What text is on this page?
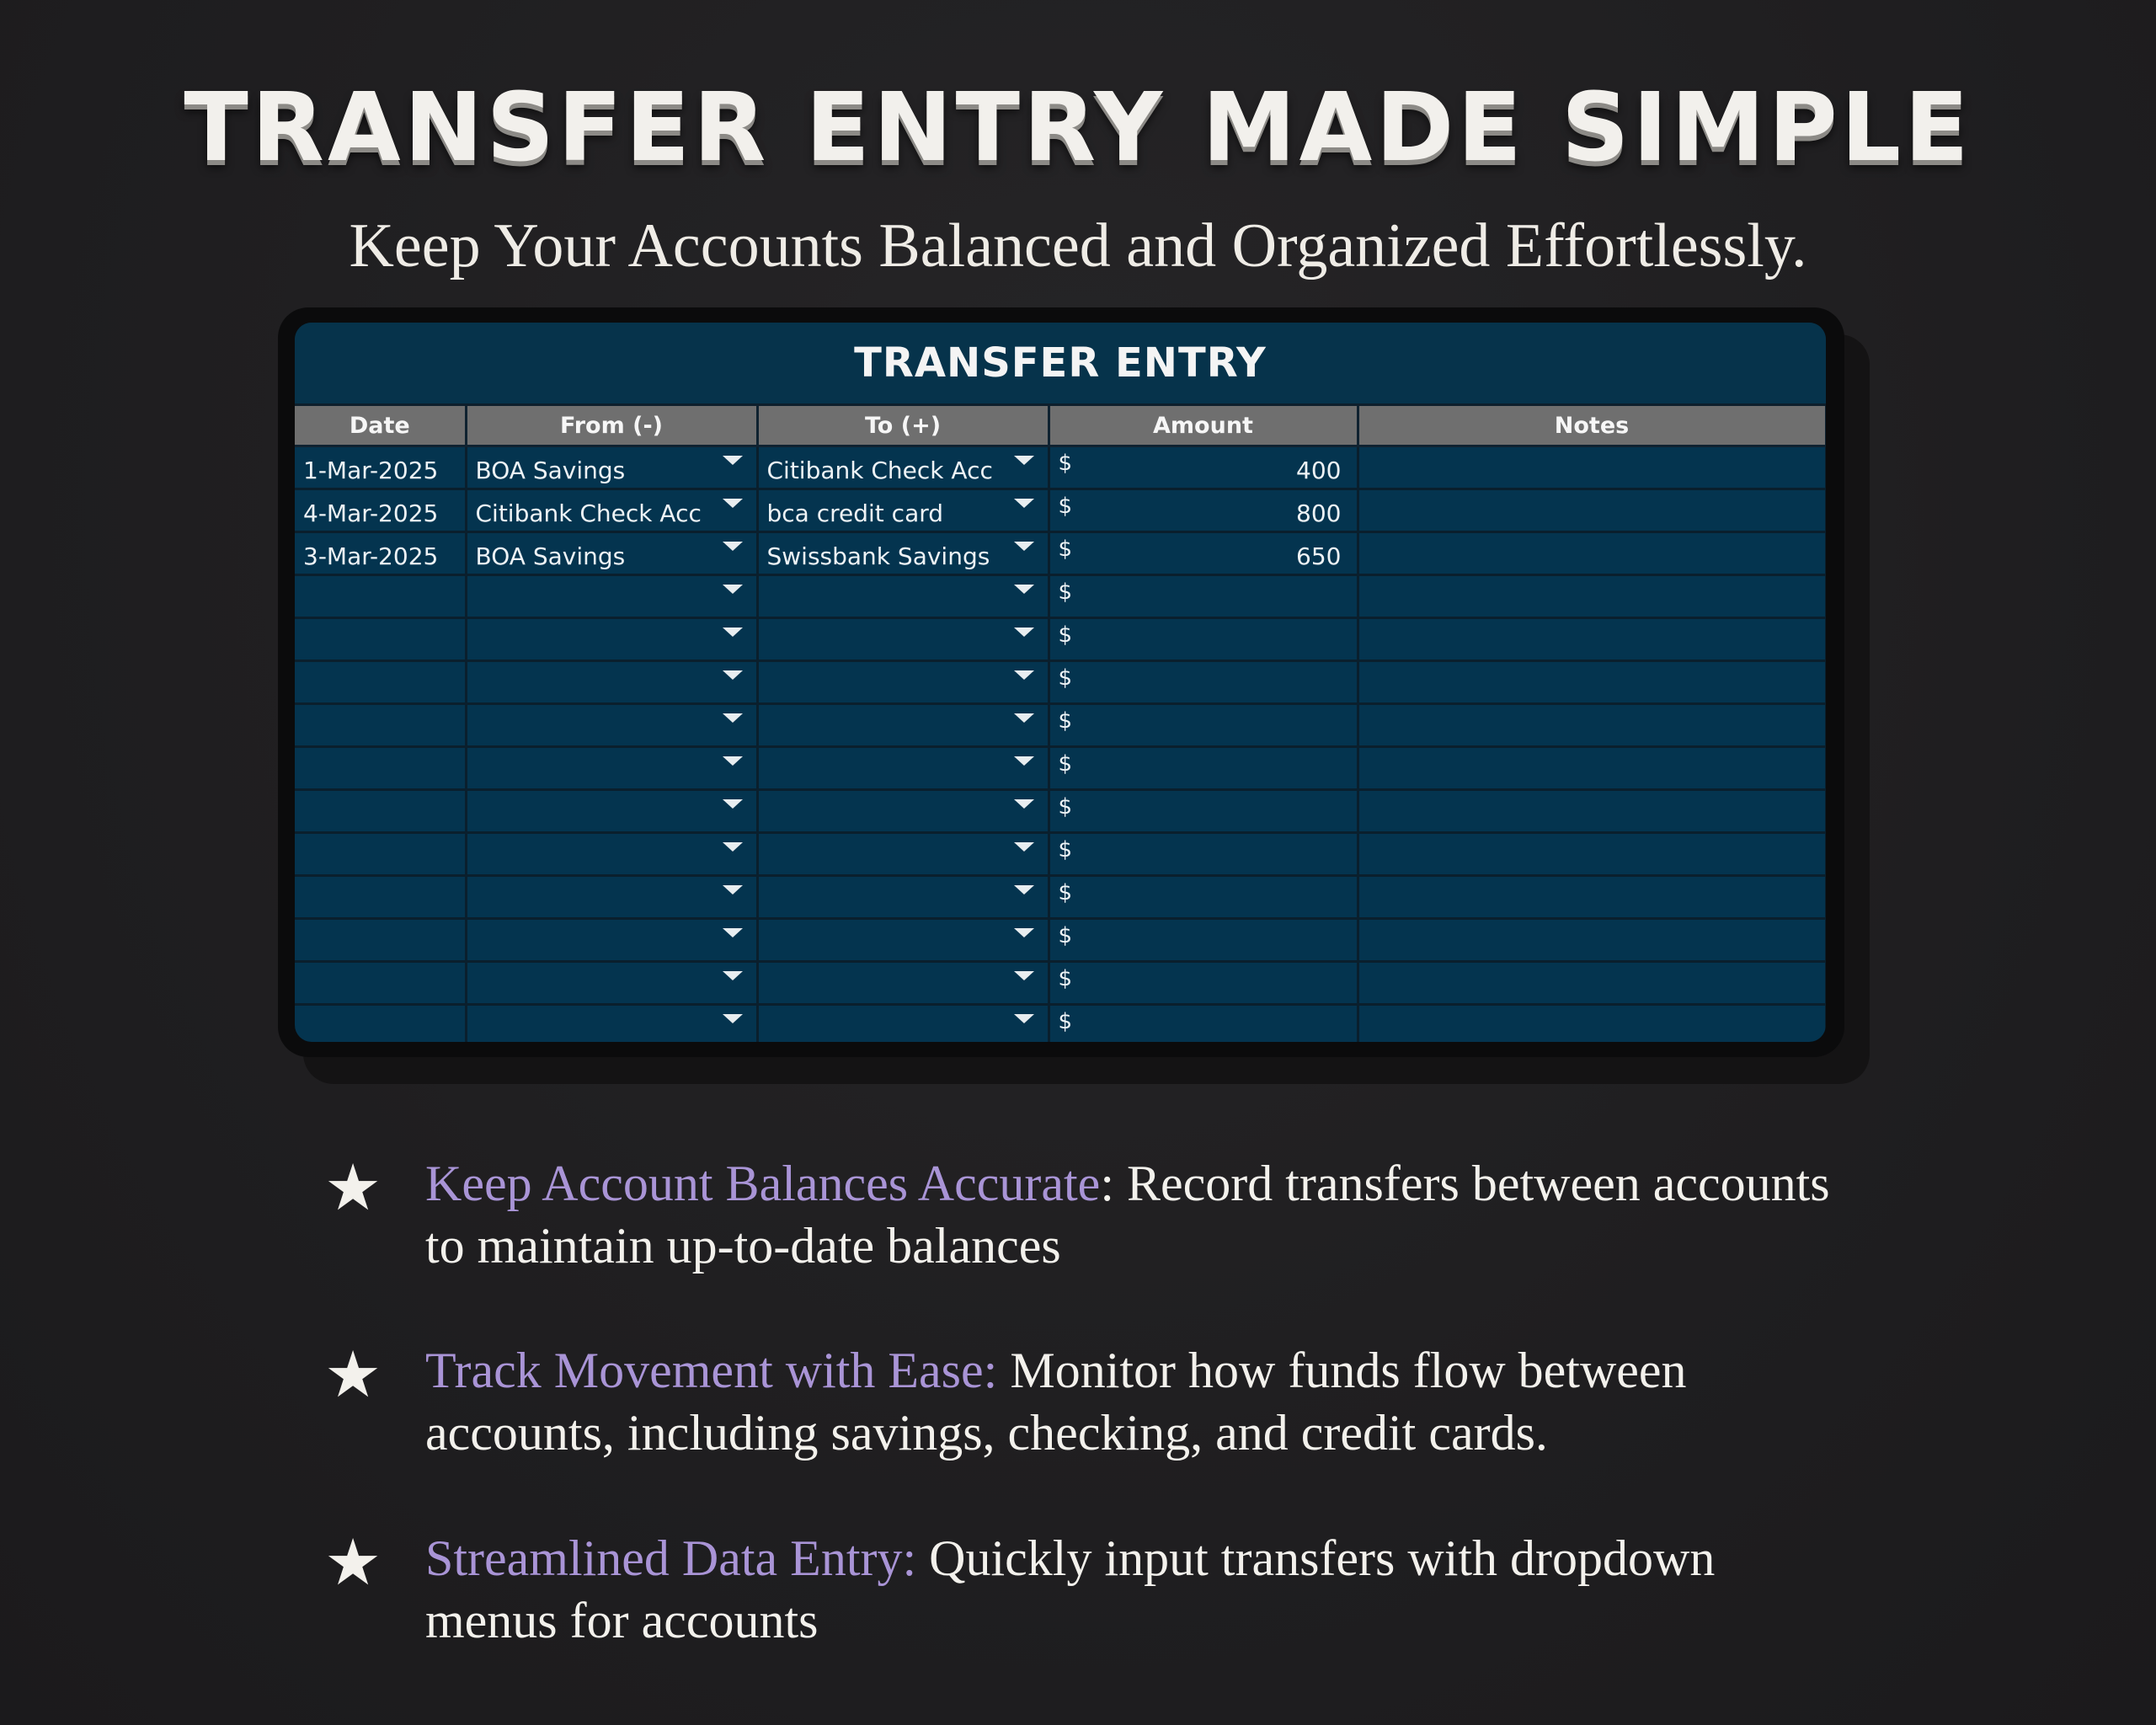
TRANSFER ENTRY MADE SIMPLE
Keep Your Accounts Balanced and Organized Effortlessly.
TRANSFER ENTRY
Date	From (-)	To (+)	Amount	Notes

1-Mar-2025	BOA Savings	Citibank Check Acc	$ 400	

4-Mar-2025	Citibank Check Acc	bca credit card	$ 800	

3-Mar-2025	BOA Savings	Swissbank Savings	$ 650	

			$	

			$	

			$	

			$	

			$	

			$	

			$	

			$	

			$	

			$	

			$	

★ Keep Account Balances Accurate: Record transfers between accounts to maintain up-to-date balances
★ Track Movement with Ease: Monitor how funds flow between accounts, including savings, checking, and credit cards.
★ Streamlined Data Entry: Quickly input transfers with dropdown menus for accounts
